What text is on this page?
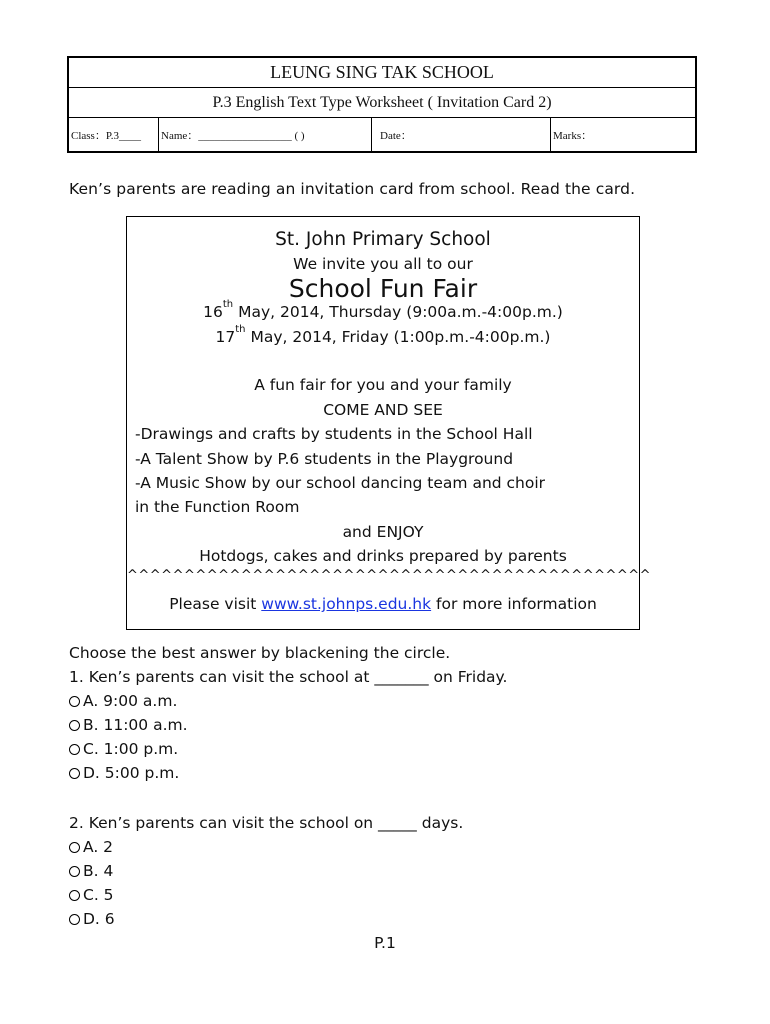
LEUNG SING TAK SCHOOL
P.3 English Text Type Worksheet ( Invitation Card 2)
Class：P.3____	Name：_________________ ( )	Date：	Marks：
Ken’s parents are reading an invitation card from school. Read the card.
St. John Primary School
We invite you all to our
School Fun Fair
16th May, 2014, Thursday (9:00a.m.-4:00p.m.)
17th May, 2014, Friday (1:00p.m.-4:00p.m.)
A fun fair for you and your family
COME AND SEE
-Drawings and crafts by students in the School Hall
-A Talent Show by P.6 students in the Playground
-A Music Show by our school dancing team and choir
in the Function Room
and ENJOY
Hotdogs, cakes and drinks prepared by parents
^^^^^^^^^^^^^^^^^^^^^^^^^^^^^^^^^^^^^^^^^^^^^^
Please visit www.st.johnps.edu.hk for more information
Choose the best answer by blackening the circle.
1. Ken’s parents can visit the school at _______ on Friday.
A. 9:00 a.m.
B. 11:00 a.m.
C. 1:00 p.m.
D. 5:00 p.m.
2. Ken’s parents can visit the school on _____ days.
A. 2
B. 4
C. 5
D. 6
P.1
